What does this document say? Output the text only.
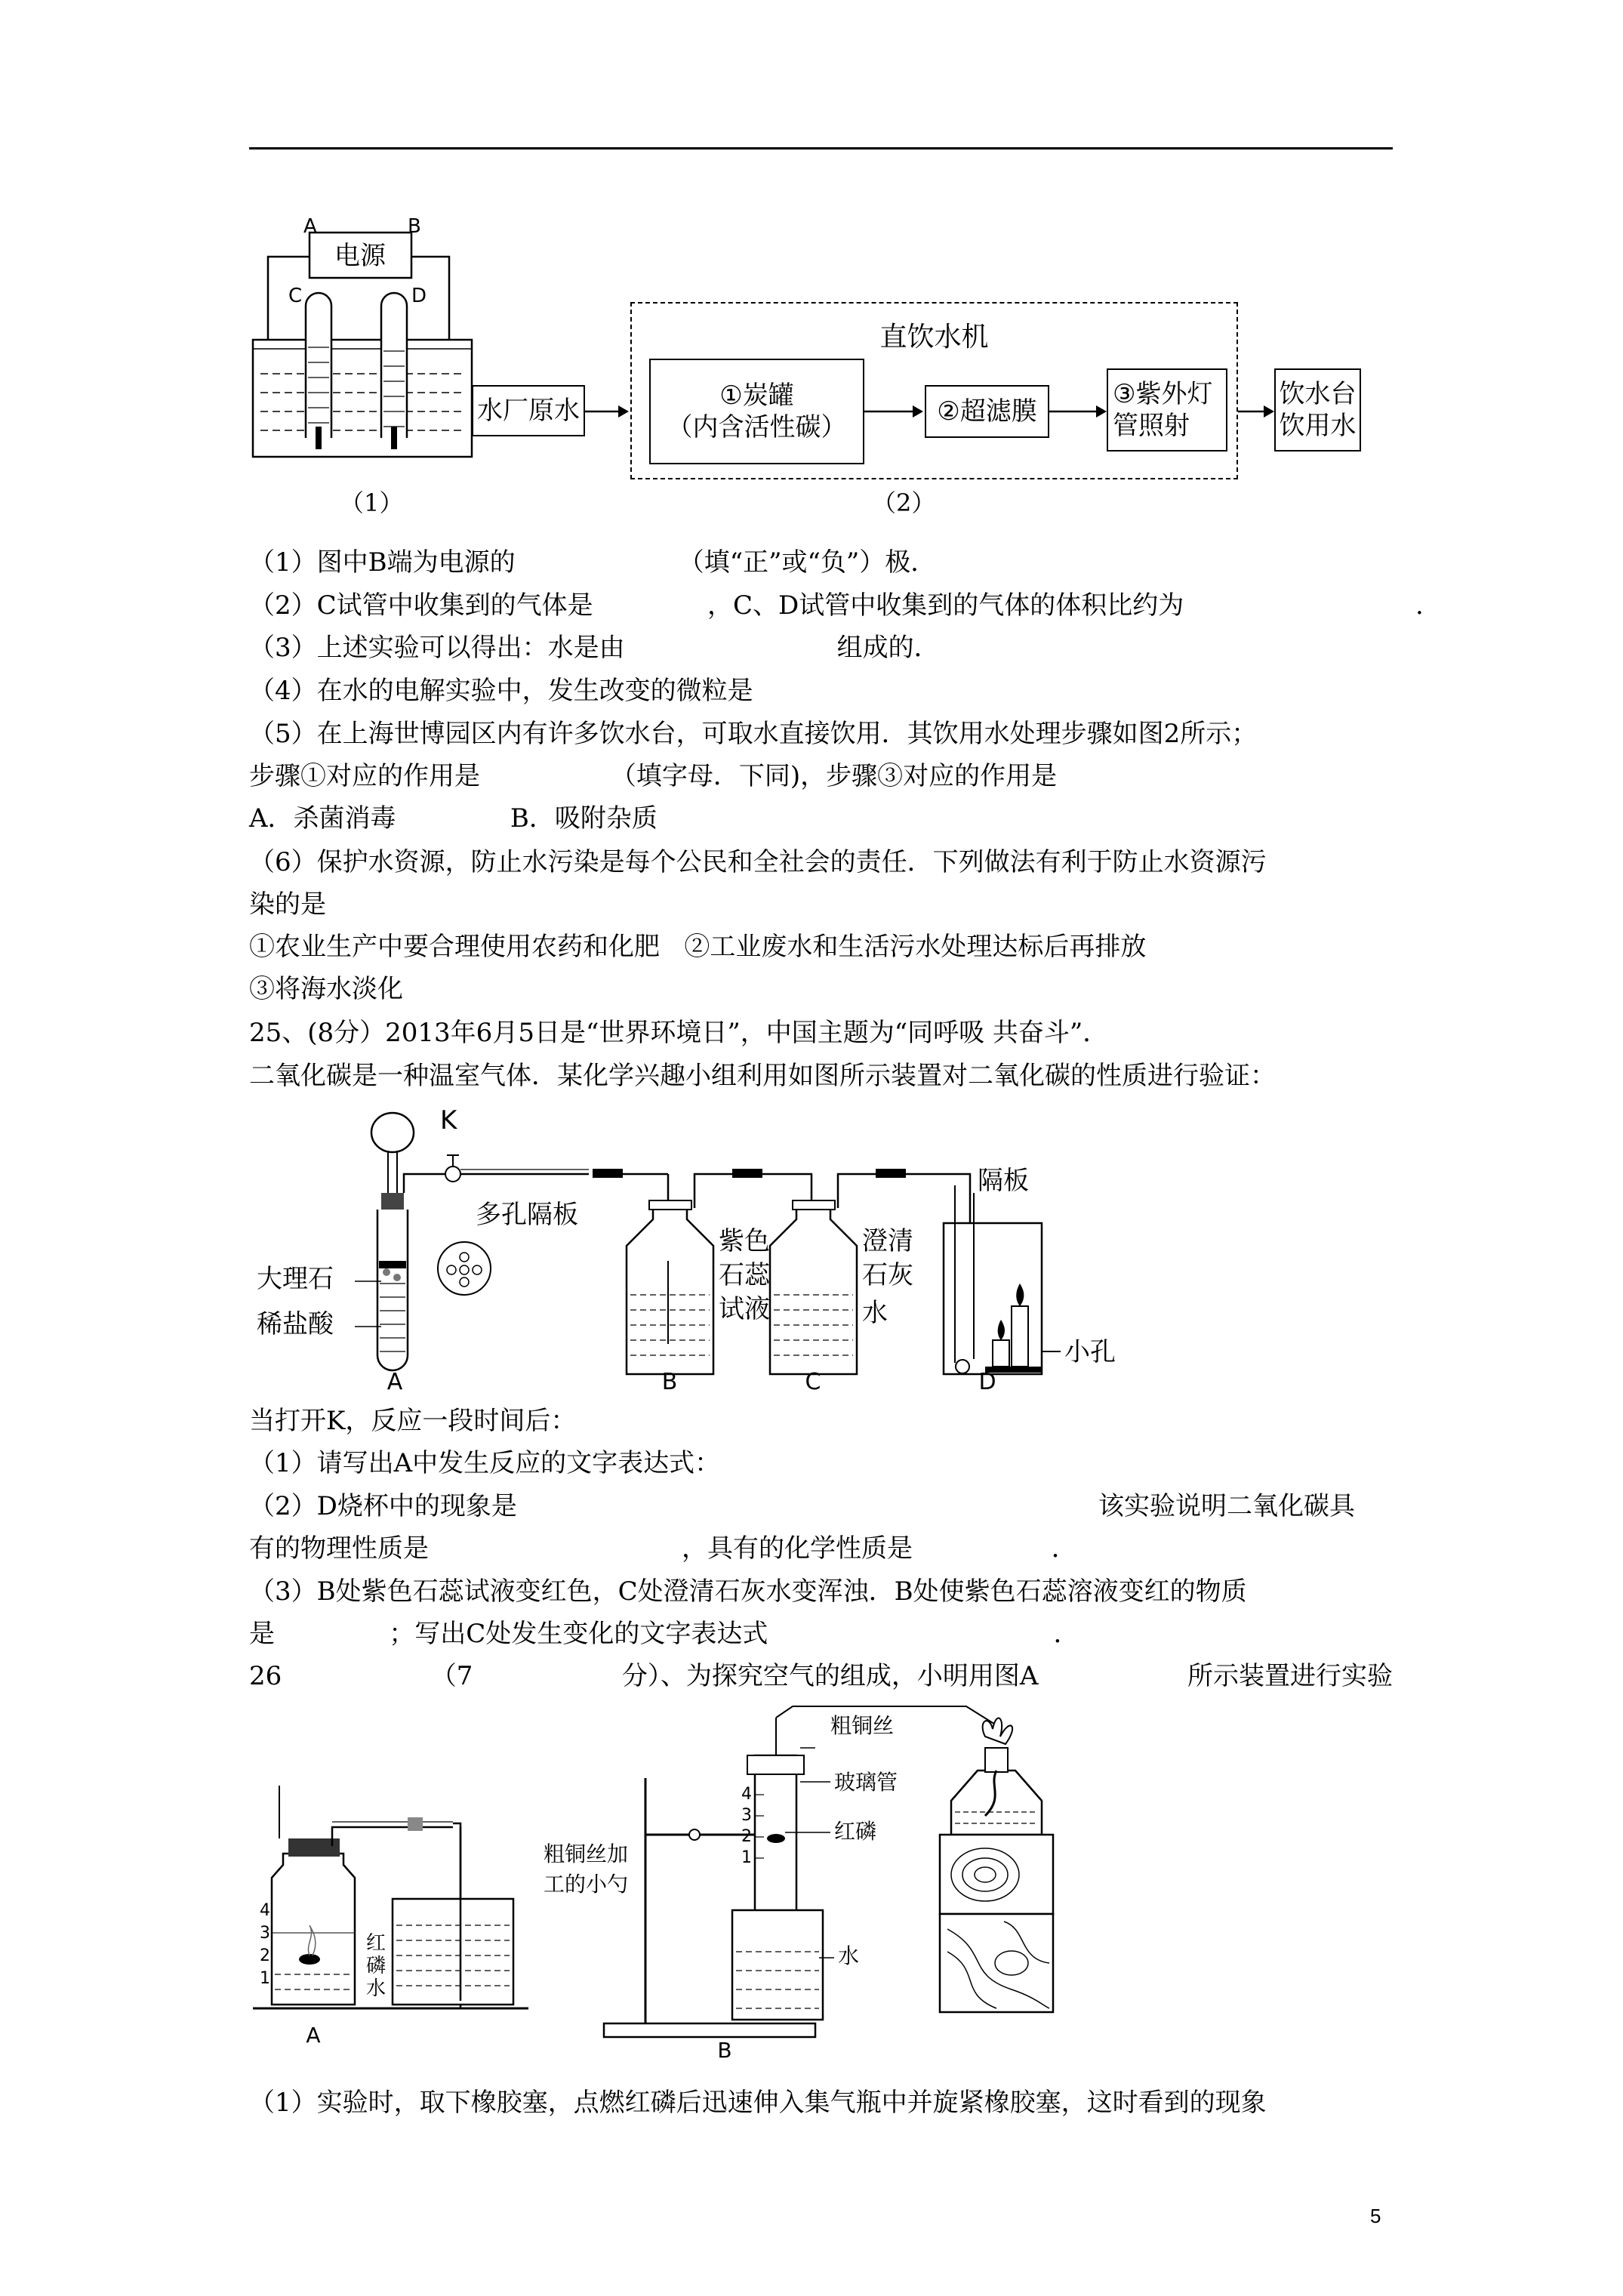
电源
A	B
C	D
（1）
水厂原水
直饮水机
①炭罐
（内含活性碳）
②超滤膜
③紫外灯
管照射
饮水台
饮用水
（2）
（1）图中B端为电源的                    （填“正”或“负”）极．
（2）C试管中收集到的气体是              ，C、D试管中收集到的气体的体积比约为	.
（3）上述实验可以得出：水是由                          组成的．
（4）在水的电解实验中，发生改变的微粒是
（5）在上海世博园区内有许多饮水台，可取水直接饮用．其饮用水处理步骤如图2所示；
步骤①对应的作用是                （填字母．下同)，步骤③对应的作用是
A．杀菌消毒              B．吸附杂质
（6）保护水资源，防止水污染是每个公民和全社会的责任．下列做法有利于防止水资源污
染的是
①农业生产中要合理使用农药和化肥   ②工业废水和生活污水处理达标后再排放
③将海水淡化
25、(8分）2013年6月5日是“世界环境日”，中国主题为“同呼吸 共奋斗”．
二氧化碳是一种温室气体．某化学兴趣小组利用如图所示装置对二氧化碳的性质进行验证：
K
多孔隔板
大理石
稀盐酸
紫色
石蕊
试液
澄清
石灰
水
隔板
小孔
A	B	C	D
当打开K，反应一段时间后：
（1）请写出A中发生反应的文字表达式：
（2）D烧杯中的现象是	该实验说明二氧化碳具
有的物理性质是                               ，具有的化学性质是                 ．
（3）B处紫色石蕊试液变红色，C处澄清石灰水变浑浊．B处使紫色石蕊溶液变红的物质
是              ；写出C处发生变化的文字表达式                                   ．
26	（7	分）、为探究空气的组成，小明用图A	所示装置进行实验
4
3
2
1
红
磷
水
A
4
3
2
1
粗铜丝
玻璃管
红磷
粗铜丝加
工的小勺
水
B
（1）实验时，取下橡胶塞，点燃红磷后迅速伸入集气瓶中并旋紧橡胶塞，这时看到的现象
5
